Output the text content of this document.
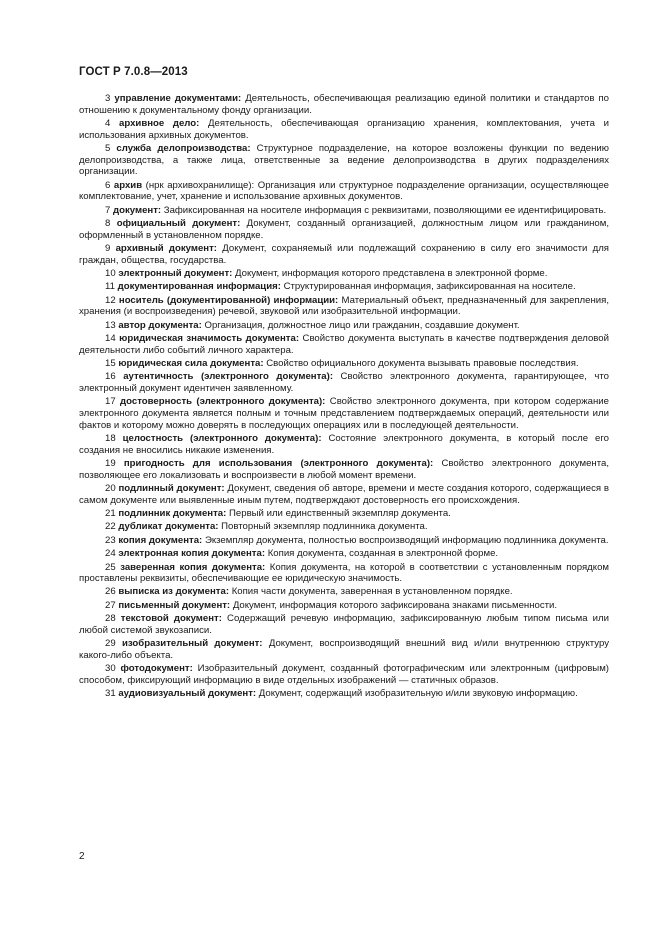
ГОСТ Р 7.0.8—2013

3 управление документами: Деятельность, обеспечивающая реализацию единой политики и стандартов по отношению к документальному фонду организации.

4 архивное дело: Деятельность, обеспечивающая организацию хранения, комплектования, учета и использования архивных документов.

5 служба делопроизводства: Структурное подразделение, на которое возложены функции по ведению делопроизводства, а также лица, ответственные за ведение делопроизводства в других подразделениях организации.

6 архив (нрк архивохранилище): Организация или структурное подразделение организации, осуществляющее комплектование, учет, хранение и использование архивных документов.

7 документ: Зафиксированная на носителе информация с реквизитами, позволяющими ее идентифицировать.

8 официальный документ: Документ, созданный организацией, должностным лицом или гражданином, оформленный в установленном порядке.

9 архивный документ: Документ, сохраняемый или подлежащий сохранению в силу его значимости для граждан, общества, государства.

10 электронный документ: Документ, информация которого представлена в электронной форме.

11 документированная информация: Структурированная информация, зафиксированная на носителе.

12 носитель (документированной) информации: Материальный объект, предназначенный для закрепления, хранения (и воспроизведения) речевой, звуковой или изобразительной информации.

13 автор документа: Организация, должностное лицо или гражданин, создавшие документ.

14 юридическая значимость документа: Свойство документа выступать в качестве подтверждения деловой деятельности либо событий личного характера.

15 юридическая сила документа: Свойство официального документа вызывать правовые последствия.

16 аутентичность (электронного документа): Свойство электронного документа, гарантирующее, что электронный документ идентичен заявленному.

17 достоверность (электронного документа): Свойство электронного документа, при котором содержание электронного документа является полным и точным представлением подтверждаемых операций, деятельности или фактов и которому можно доверять в последующих операциях или в последующей деятельности.

18 целостность (электронного документа): Состояние электронного документа, в который после его создания не вносились никакие изменения.

19 пригодность для использования (электронного документа): Свойство электронного документа, позволяющее его локализовать и воспроизвести в любой момент времени.

20 подлинный документ: Документ, сведения об авторе, времени и месте создания которого, содержащиеся в самом документе или выявленные иным путем, подтверждают достоверность его происхождения.

21 подлинник документа: Первый или единственный экземпляр документа.

22 дубликат документа: Повторный экземпляр подлинника документа.

23 копия документа: Экземпляр документа, полностью воспроизводящий информацию подлинника документа.

24 электронная копия документа: Копия документа, созданная в электронной форме.

25 заверенная копия документа: Копия документа, на которой в соответствии с установленным порядком проставлены реквизиты, обеспечивающие ее юридическую значимость.

26 выписка из документа: Копия части документа, заверенная в установленном порядке.

27 письменный документ: Документ, информация которого зафиксирована знаками письменности.

28 текстовой документ: Содержащий речевую информацию, зафиксированную любым типом письма или любой системой звукозаписи.

29 изобразительный документ: Документ, воспроизводящий внешний вид и/или внутреннюю структуру какого-либо объекта.

30 фотодокумент: Изобразительный документ, созданный фотографическим или электронным (цифровым) способом, фиксирующий информацию в виде отдельных изображений — статичных образов.

31 аудиовизуальный документ: Документ, содержащий изобразительную и/или звуковую информацию.

2
